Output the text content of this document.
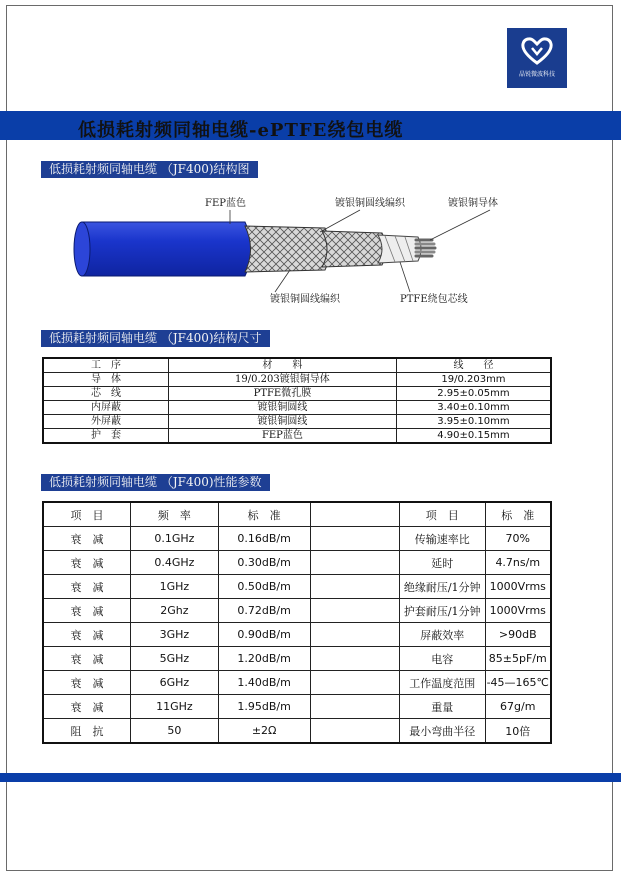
晶锐微波科技
低损耗射频同轴电缆-ePTFE绕包电缆
低损耗射频同轴电缆 （JF400)结构图
FEP蓝色	镀银铜圆线编织	镀银铜导体
镀银铜圆线编织	PTFE绕包芯线
低损耗射频同轴电缆 （JF400)结构尺寸
工　序	材　　料	线　　径
导　体	19/0.203镀银铜导体	19/0.203mm
芯　线	PTFE微孔膜	2.95±0.05mm
内屏蔽	镀银铜圆线	3.40±0.10mm
外屏蔽	镀银铜圆线	3.95±0.10mm
护　套	FEP蓝色	4.90±0.15mm
低损耗射频同轴电缆 （JF400)性能参数
项　目	频　率	标　准		项　目	标　准
衰　减	0.1GHz	0.16dB/m		传输速率比	70%
衰　减	0.4GHz	0.30dB/m		延时	4.7ns/m
衰　减	1GHz	0.50dB/m		绝缘耐压/1分钟	1000Vrms
衰　减	2Ghz	0.72dB/m		护套耐压/1分钟	1000Vrms
衰　减	3GHz	0.90dB/m		屏蔽效率	>90dB
衰　减	5GHz	1.20dB/m		电容	85±5pF/m
衰　减	6GHz	1.40dB/m		工作温度范围	-45—165℃
衰　减	11GHz	1.95dB/m		重量	67g/m
阻　抗	50	±2Ω		最小弯曲半径	10倍
